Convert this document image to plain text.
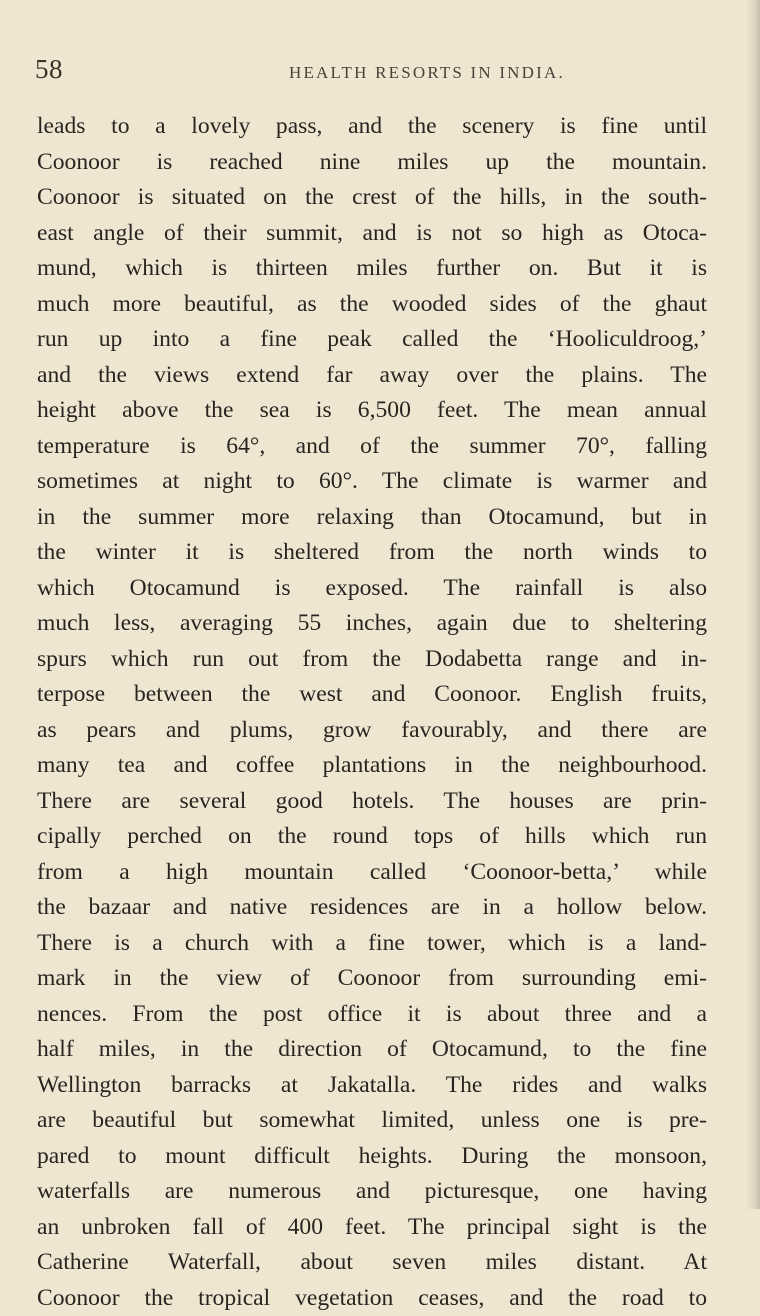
58	HEALTH RESORTS IN INDIA.
leads to a lovely pass, and the scenery is fine until
Coonoor is reached nine miles up the mountain.
Coonoor is situated on the crest of the hills, in the south-
east angle of their summit, and is not so high as Otoca-
mund, which is thirteen miles further on. But it is
much more beautiful, as the wooded sides of the ghaut
run up into a fine peak called the ‘Hooliculdroog,’
and the views extend far away over the plains. The
height above the sea is 6,500 feet. The mean annual
temperature is 64°, and of the summer 70°, falling
sometimes at night to 60°. The climate is warmer and
in the summer more relaxing than Otocamund, but in
the winter it is sheltered from the north winds to
which Otocamund is exposed. The rainfall is also
much less, averaging 55 inches, again due to sheltering
spurs which run out from the Dodabetta range and in-
terpose between the west and Coonoor. English fruits,
as pears and plums, grow favourably, and there are
many tea and coffee plantations in the neighbourhood.
There are several good hotels. The houses are prin-
cipally perched on the round tops of hills which run
from a high mountain called ‘Coonoor-betta,’ while
the bazaar and native residences are in a hollow below.
There is a church with a fine tower, which is a land-
mark in the view of Coonoor from surrounding emi-
nences. From the post office it is about three and a
half miles, in the direction of Otocamund, to the fine
Wellington barracks at Jakatalla. The rides and walks
are beautiful but somewhat limited, unless one is pre-
pared to mount difficult heights. During the monsoon,
waterfalls are numerous and picturesque, one having
an unbroken fall of 400 feet. The principal sight is the
Catherine Waterfall, about seven miles distant. At
Coonoor the tropical vegetation ceases, and the road to
